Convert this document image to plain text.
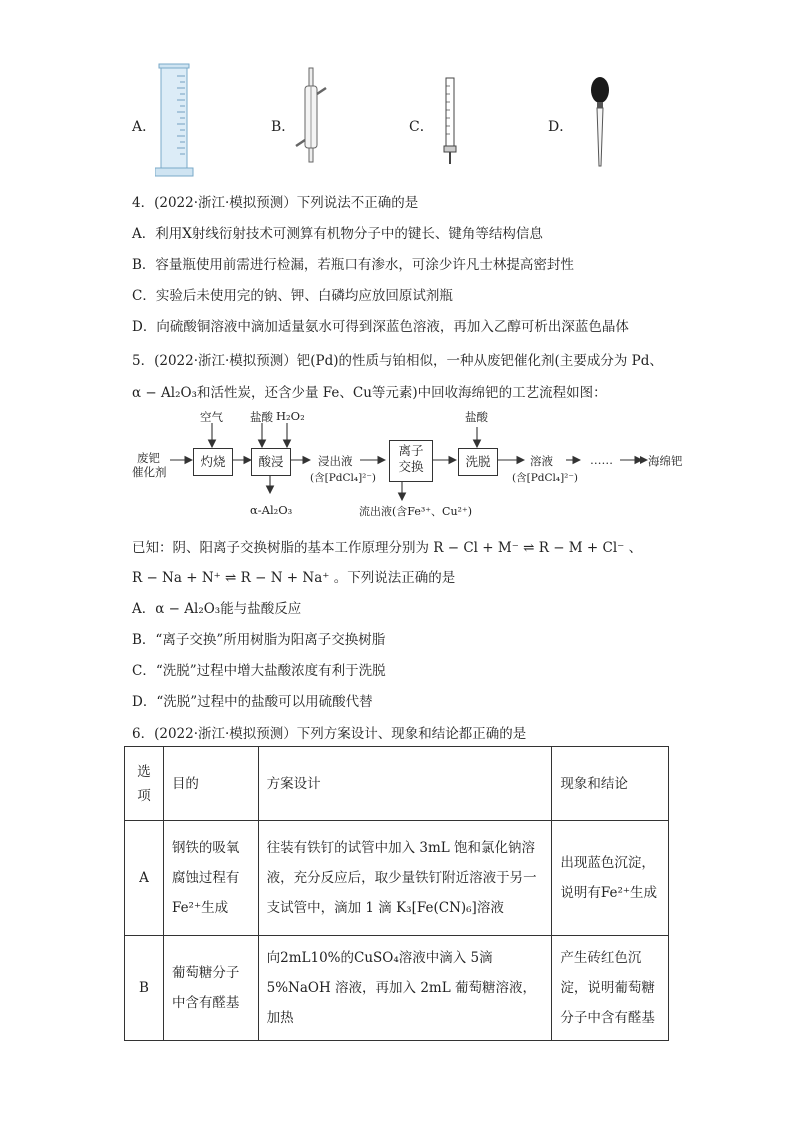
A．	B．	C．	D．
4．(2022·浙江·模拟预测）下列说法不正确的是
A．利用X射线衍射技术可测算有机物分子中的键长、键角等结构信息
B．容量瓶使用前需进行检漏，若瓶口有渗水，可涂少许凡士林提高密封性
C．实验后未使用完的钠、钾、白磷均应放回原试剂瓶
D．向硫酸铜溶液中滴加适量氨水可得到深蓝色溶液，再加入乙醇可析出深蓝色晶体
5．(2022·浙江·模拟预测）钯(Pd)的性质与铂相似，一种从废钯催化剂(主要成分为 Pd、
α − Al₂O₃和活性炭，还含少量 Fe、Cu等元素)中回收海绵钯的工艺流程如图：
废钯
催化剂
空气 盐酸 H₂O₂
灼烧	酸浸
α-Al₂O₃
浸出液
(含[PdCl₄]²⁻)
离子
交换
流出液(含Fe³⁺、Cu²⁺)
盐酸
洗脱	溶液
(含[PdCl₄]²⁻)
……	海绵钯
已知：阴、阳离子交换树脂的基本工作原理分别为 R − Cl + M⁻ ⇌ R − M + Cl⁻ 、
R − Na + N⁺ ⇌ R − N + Na⁺ 。下列说法正确的是
A．α − Al₂O₃能与盐酸反应
B．“离子交换”所用树脂为阳离子交换树脂
C．“洗脱”过程中增大盐酸浓度有利于洗脱
D．“洗脱”过程中的盐酸可以用硫酸代替
6．(2022·浙江·模拟预测）下列方案设计、现象和结论都正确的是
选项	目的	方案设计	现象和结论
A	钢铁的吸氧腐蚀过程有Fe²⁺生成	往装有铁钉的试管中加入 3mL 饱和氯化钠溶液，充分反应后，取少量铁钉附近溶液于另一支试管中，滴加 1 滴 K₃[Fe(CN)₆]溶液	出现蓝色沉淀，说明有Fe²⁺生成
B	葡萄糖分子中含有醛基	向2mL10%的CuSO₄溶液中滴入 5滴 5%NaOH 溶液，再加入 2mL 葡萄糖溶液，加热	产生砖红色沉淀，说明葡萄糖分子中含有醛基
